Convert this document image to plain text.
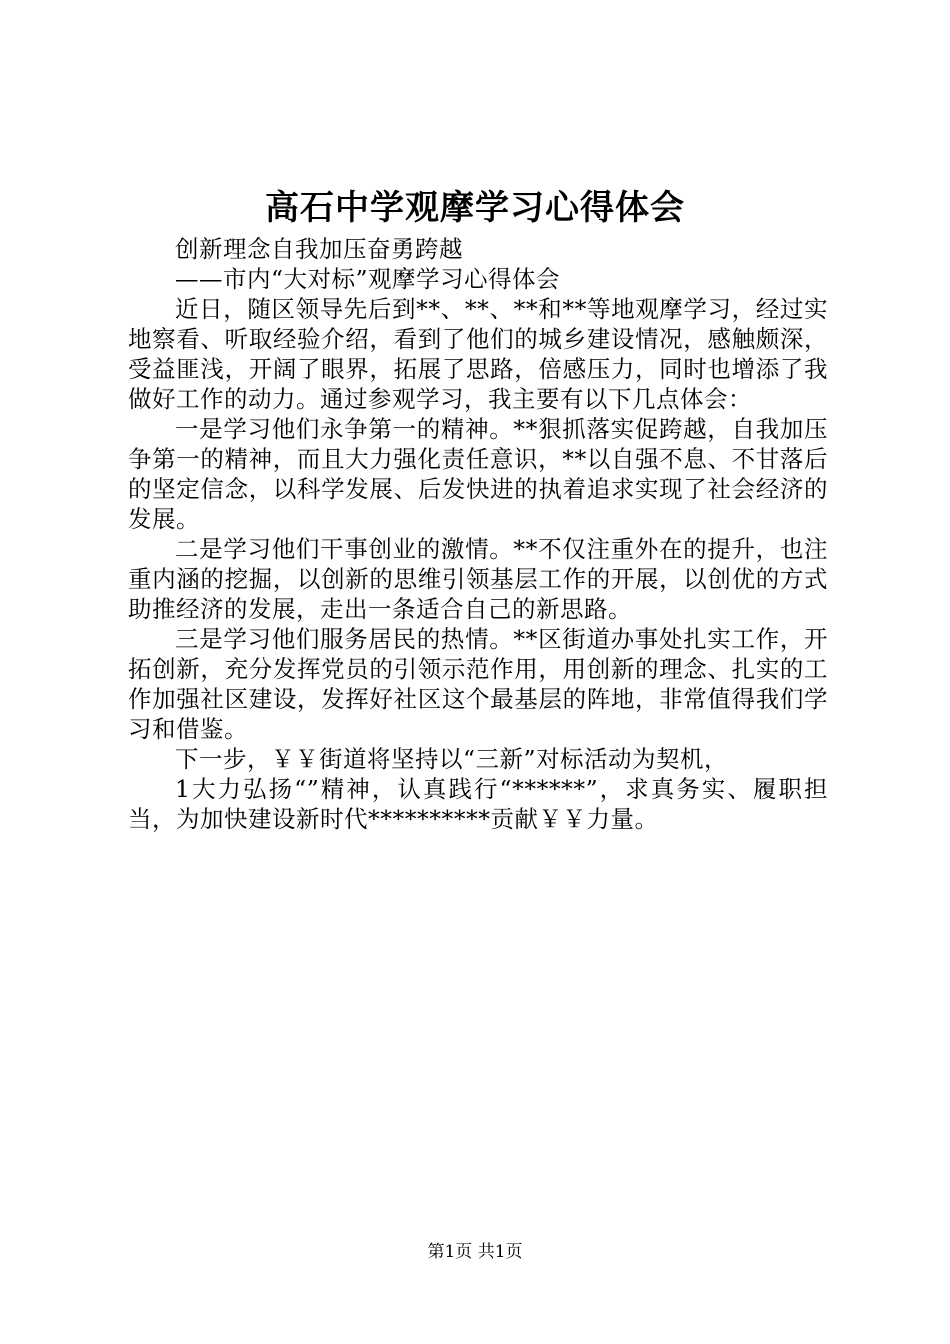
高石中学观摩学习心得体会

创新理念自我加压奋勇跨越

——市内“大对标”观摩学习心得体会

近日，随区领导先后到**、**、**和**等地观摩学习，经过实地察看、听取经验介绍，看到了他们的城乡建设情况，感触颇深，受益匪浅，开阔了眼界，拓展了思路，倍感压力，同时也增添了我做好工作的动力。通过参观学习，我主要有以下几点体会：

一是学习他们永争第一的精神。**狠抓落实促跨越，自我加压争第一的精神，而且大力强化责任意识，**以自强不息、不甘落后的坚定信念，以科学发展、后发快进的执着追求实现了社会经济的发展。

二是学习他们干事创业的激情。**不仅注重外在的提升，也注重内涵的挖掘，以创新的思维引领基层工作的开展，以创优的方式助推经济的发展，走出一条适合自己的新思路。

三是学习他们服务居民的热情。**区街道办事处扎实工作，开拓创新，充分发挥党员的引领示范作用，用创新的理念、扎实的工作加强社区建设，发挥好社区这个最基层的阵地，非常值得我们学习和借鉴。

下一步，￥￥街道将坚持以“三新”对标活动为契机，

1大力弘扬“”精神，认真践行“******”，求真务实、履职担当，为加快建设新时代**********贡献￥￥力量。

第1页 共1页
